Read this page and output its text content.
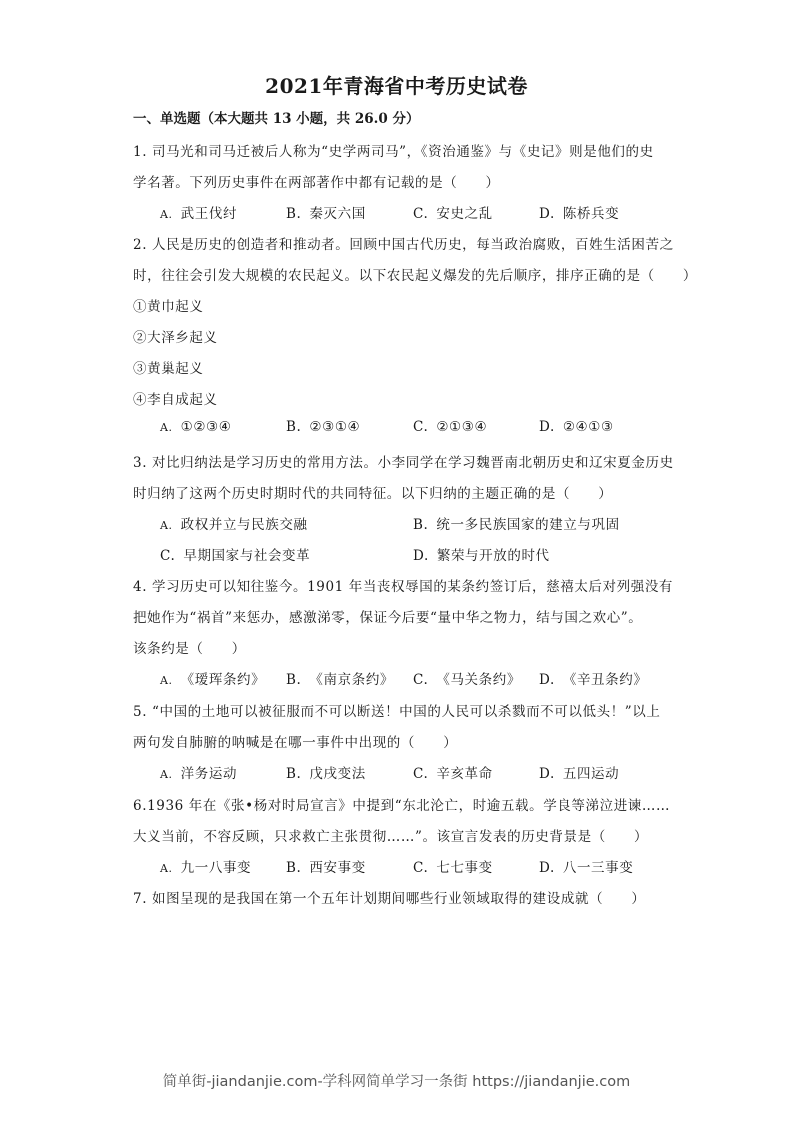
2021年青海省中考历史试卷
一、单选题（本大题共 13 小题，共 26.0 分）
1. 司马光和司马迁被后人称为“史学两司马”，《资治通鉴》与《史记》则是他们的史
学名著。下列历史事件在两部著作中都有记载的是（　　）
A. 武王伐纣	B. 秦灭六国	C. 安史之乱	D. 陈桥兵变
2. 人民是历史的创造者和推动者。回顾中国古代历史，每当政治腐败，百姓生活困苦之
时，往往会引发大规模的农民起义。以下农民起义爆发的先后顺序，排序正确的是（　　）
①黄巾起义
②大泽乡起义
③黄巢起义
④李自成起义
A. ①②③④	B. ②③①④	C. ②①③④	D. ②④①③
3. 对比归纳法是学习历史的常用方法。小李同学在学习魏晋南北朝历史和辽宋夏金历史
时归纳了这两个历史时期时代的共同特征。以下归纳的主题正确的是（　　）
A. 政权并立与民族交融	B. 统一多民族国家的建立与巩固
C. 早期国家与社会变革	D. 繁荣与开放的时代
4. 学习历史可以知往鉴今。1901 年当丧权辱国的某条约签订后，慈禧太后对列强没有
把她作为“祸首”来惩办，感激涕零，保证今后要“量中华之物力，结与国之欢心”。
该条约是（　　）
A. 《瑷珲条约》 B. 《南京条约》 C. 《马关条约》 D. 《辛丑条约》
5. “中国的土地可以被征服而不可以断送！中国的人民可以杀戮而不可以低头！”以上
两句发自肺腑的呐喊是在哪一事件中出现的（　　）
A. 洋务运动	B. 戊戌变法	C. 辛亥革命	D. 五四运动
6.1936 年在《张•杨对时局宣言》中提到“东北沦亡，时逾五载。学良等涕泣进谏……
大义当前，不容反顾，只求救亡主张贯彻……”。该宣言发表的历史背景是（　　）
A. 九一八事变	B. 西安事变	C. 七七事变	D. 八一三事变
7. 如图呈现的是我国在第一个五年计划期间哪些行业领域取得的建设成就（　　）
简单街-jiandanjie.com-学科网简单学习一条街 https://jiandanjie.com
